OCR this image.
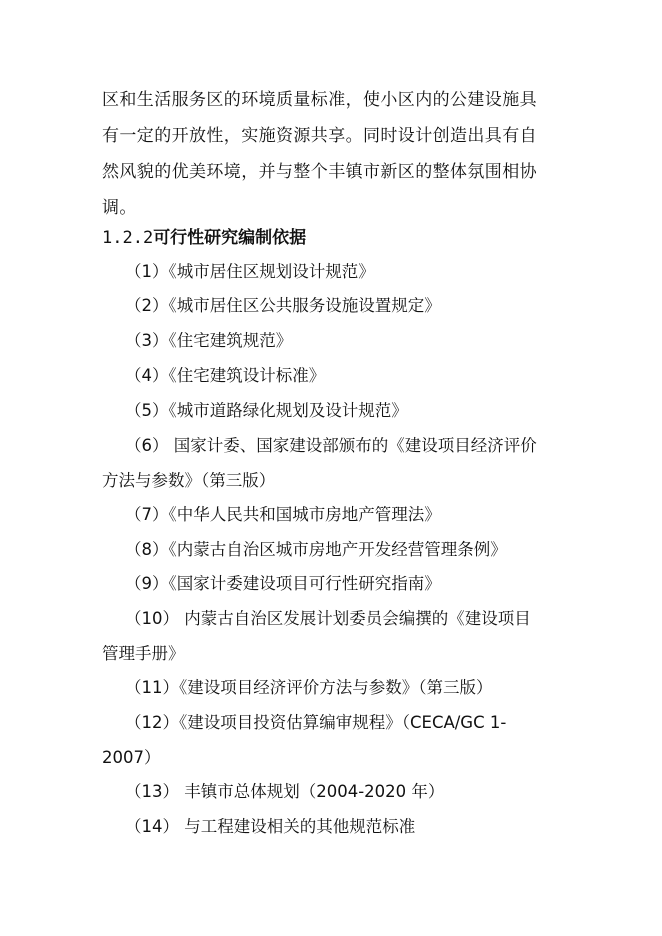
区和生活服务区的环境质量标准，使小区内的公建设施具
有一定的开放性，实施资源共享。同时设计创造出具有自
然风貌的优美环境，并与整个丰镇市新区的整体氛围相协
调。
1.2.2可行性研究编制依据
（1）《城市居住区规划设计规范》
（2）《城市居住区公共服务设施设置规定》
（3）《住宅建筑规范》
（4）《住宅建筑设计标准》
（5）《城市道路绿化规划及设计规范》
（6） 国家计委、国家建设部颁布的《建设项目经济评价
方法与参数》（第三版）
（7）《中华人民共和国城市房地产管理法》
（8）《内蒙古自治区城市房地产开发经营管理条例》
（9）《国家计委建设项目可行性研究指南》
（10） 内蒙古自治区发展计划委员会编撰的《建设项目
管理手册》
（11）《建设项目经济评价方法与参数》（第三版）
（12）《建设项目投资估算编审规程》（CECA/GC 1-
2007）
（13） 丰镇市总体规划（2004-2020 年）
（14） 与工程建设相关的其他规范标准
